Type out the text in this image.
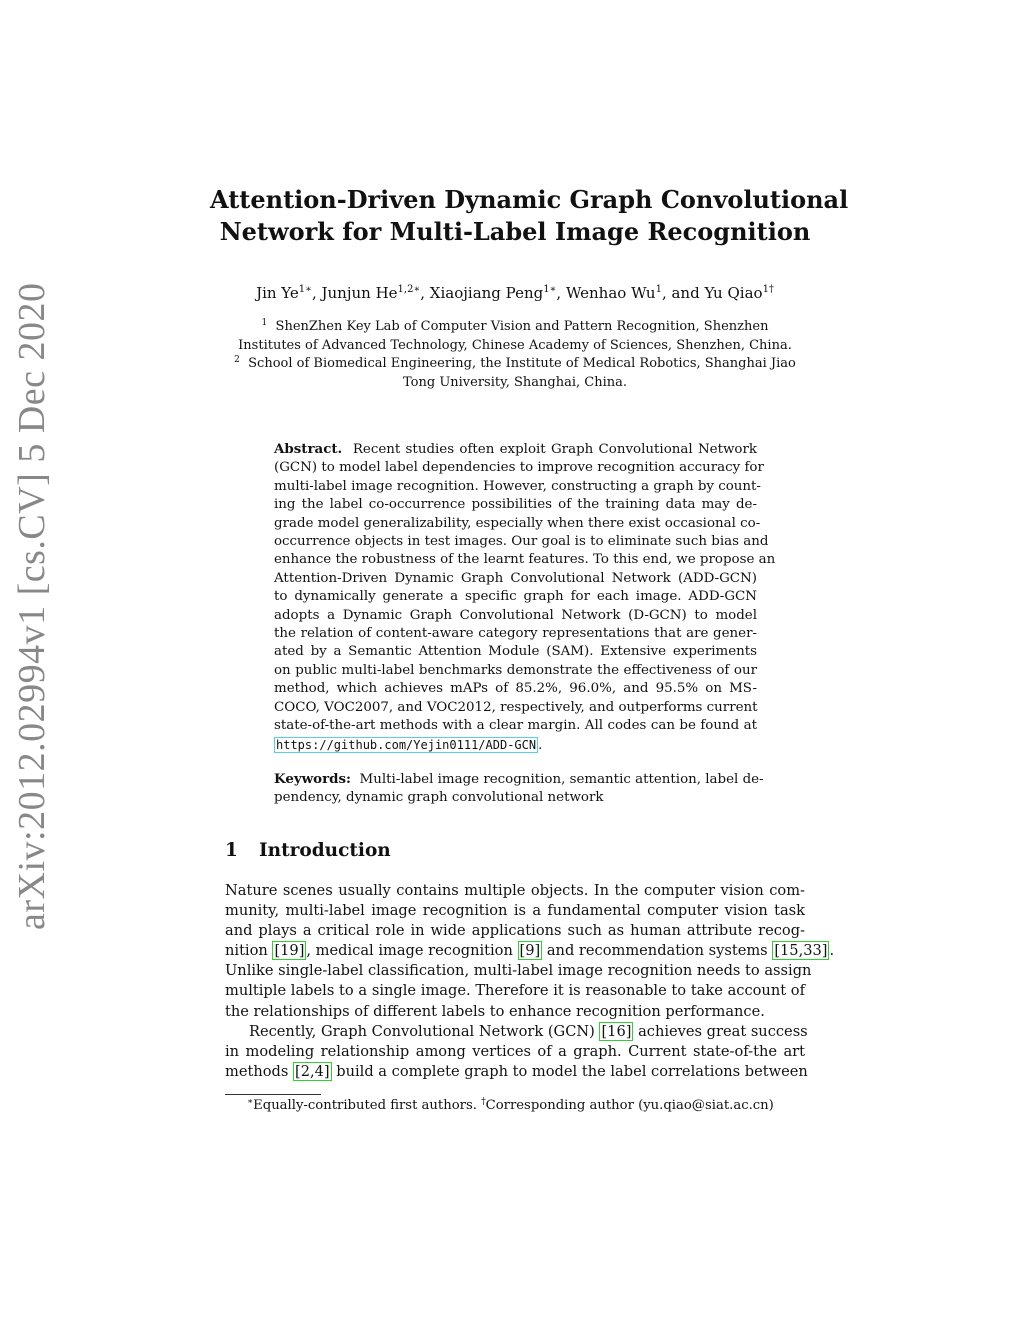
arXiv:2012.02994v1 [cs.CV] 5 Dec 2020
Attention-Driven Dynamic Graph Convolutional
Network for Multi-Label Image Recognition
Jin $Ye^{1∗}$, Junjun $He^{1,2∗}$, Xiaojiang Peng$^{1∗}$, Wenhao Wu$^1$, and Yu Qiao$^{1\dagger}$
$^1$ ShenZhen Key Lab of Computer Vision and Pattern Recognition, Shenzhen
Institutes of Advanced Technology, Chinese Academy of Sciences, Shenzhen, China.
$^2$ School of Biomedical Engineering, the Institute of Medical Robotics, Shanghai Jiao
Tong University, Shanghai, China.
Abstract. Recent studies often exploit Graph Convolutional Network
(GCN) to model label dependencies to improve recognition accuracy for
multi-label image recognition. However, constructing a graph by count-
ing the label co-occurrence possibilities of the training data may de-
grade model generalizability, especially when there exist occasional co-
occurrence objects in test images. Our goal is to eliminate such bias and
enhance the robustness of the learnt features. To this end, we propose an
Attention-Driven Dynamic Graph Convolutional Network (ADD-GCN)
to dynamically generate a specific graph for each image. ADD-GCN
adopts a Dynamic Graph Convolutional Network (D-GCN) to model
the relation of content-aware category representations that are gener-
ated by a Semantic Attention Module (SAM). Extensive experiments
on public multi-label benchmarks demonstrate the effectiveness of our
method, which achieves mAPs of 85.2%, 96.0%, and 95.5% on MS-
COCO, VOC2007, and VOC2012, respectively, and outperforms current
state-of-the-art methods with a clear margin. All codes can be found at
https://github.com/Yejin0111/ADD-GCN .
Keywords: Multi-label image recognition, semantic attention, label de-
pendency, dynamic graph convolutional network
1 Introduction
Nature scenes usually contains multiple objects. In the computer vision com-
munity, multi-label image recognition is a fundamental computer vision task
and plays a critical role in wide applications such as human attribute recog-
nition [19] , medical image recognition [9] and recommendation systems [15,33] .
Unlike single-label classification, multi-label image recognition needs to assign
multiple labels to a single image. Therefore it is reasonable to take account of
the relationships of different labels to enhance recognition performance.
Recently, Graph Convolutional Network (GCN) [16] achieves great success
in modeling relationship among vertices of a graph. Current state-of-the art
methods [2,4] build a complete graph to model the label correlations between
∗Equally-contributed first authors. †Corresponding author (yu.qiao@siat.ac.cn)
